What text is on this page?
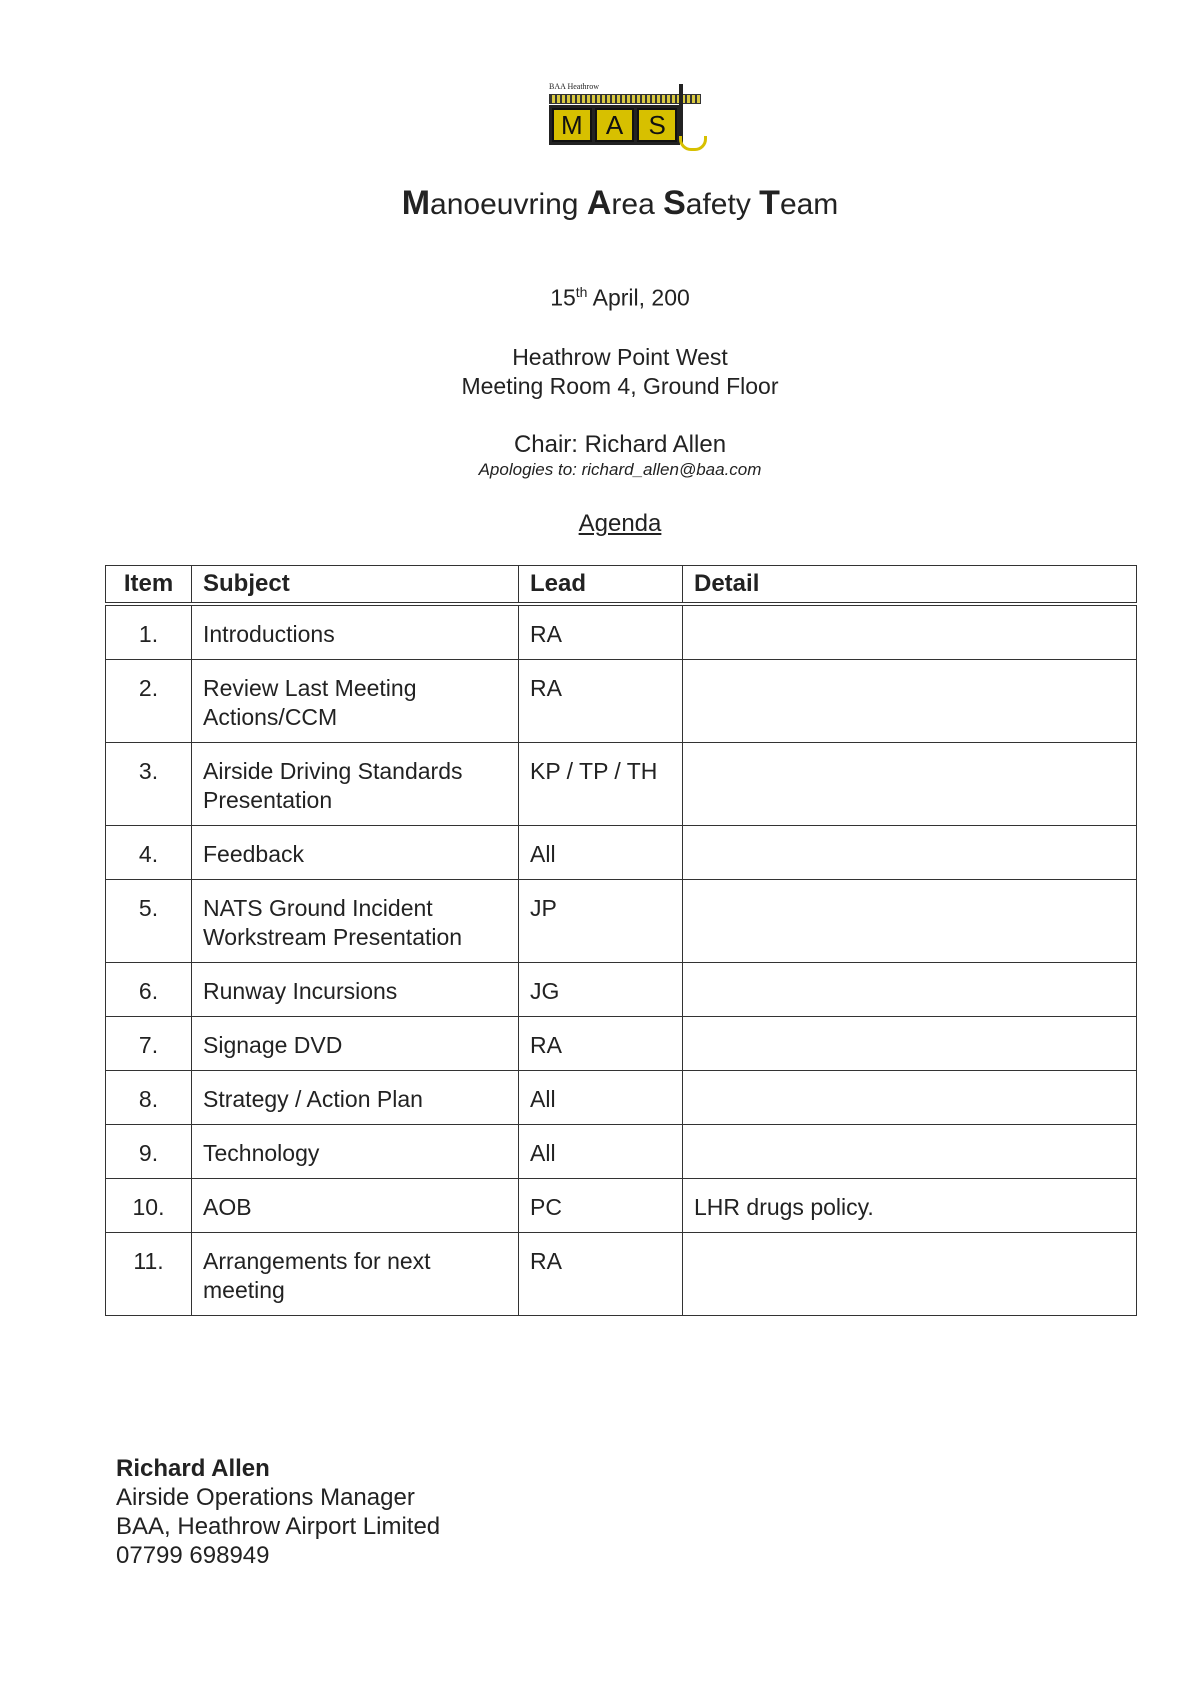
BAA Heathrow
M A S
Manoeuvring Area Safety Team
15th April, 200
Heathrow Point West
Meeting Room 4, Ground Floor
Chair: Richard Allen
Apologies to: richard_allen@baa.com
Agenda
Item	Subject	Lead	Detail
1.	Introductions	RA	
2.	Review Last Meeting Actions/CCM	RA	
3.	Airside Driving Standards Presentation	KP / TP / TH	
4.	Feedback	All	
5.	NATS Ground Incident Workstream Presentation	JP	
6.	Runway Incursions	JG	
7.	Signage DVD	RA	
8.	Strategy / Action Plan	All	
9.	Technology	All	
10.	AOB	PC	LHR drugs policy.
11.	Arrangements for next meeting	RA	
Richard Allen
Airside Operations Manager
BAA, Heathrow Airport Limited
07799 698949
